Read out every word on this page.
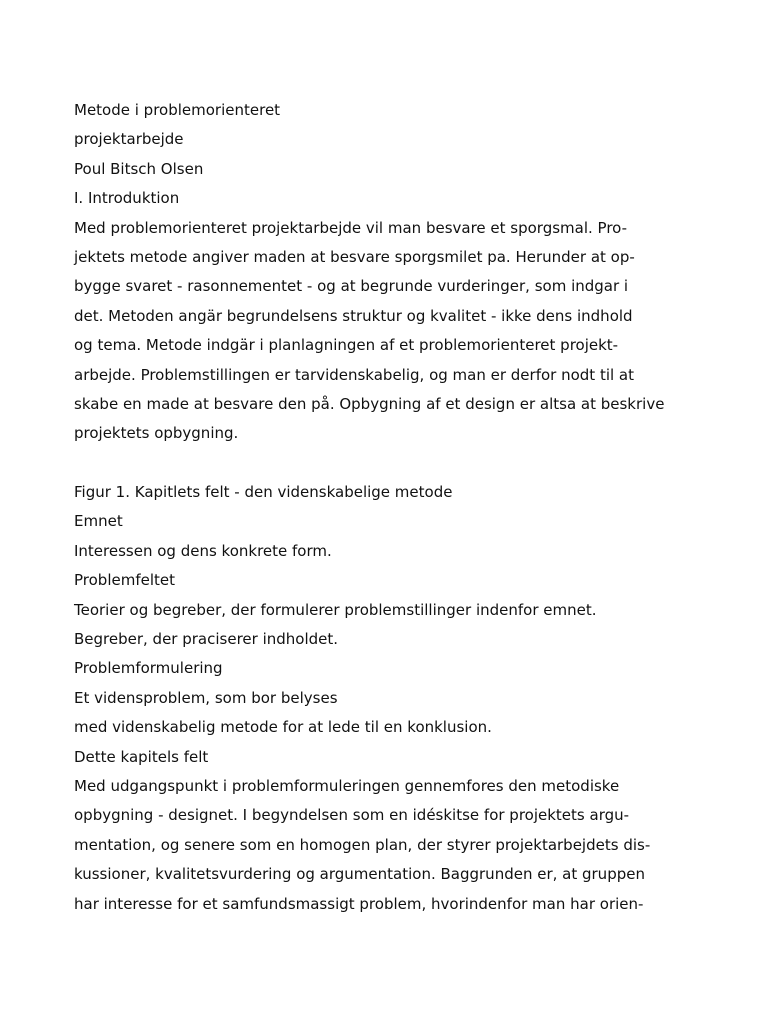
Metode i problemorienteret
projektarbejde
Poul Bitsch Olsen
I. Introduktion
Med problemorienteret projektarbejde vil man besvare et sporgsmal. Pro-
jektets metode angiver maden at besvare sporgsmilet pa. Herunder at op-
bygge svaret - rasonnementet - og at begrunde vurderinger, som indgar i
det. Metoden angär begrundelsens struktur og kvalitet - ikke dens indhold
og tema. Metode indgär i planlagningen af et problemorienteret projekt-
arbejde. Problemstillingen er tarvidenskabelig, og man er derfor nodt til at
skabe en made at besvare den på. Opbygning af et design er altsa at beskrive
projektets opbygning.
Figur 1. Kapitlets felt - den videnskabelige metode
Emnet
Interessen og dens konkrete form.
Problemfeltet
Teorier og begreber, der formulerer problemstillinger indenfor emnet.
Begreber, der praciserer indholdet.
Problemformulering
Et vidensproblem, som bor belyses
med videnskabelig metode for at lede til en konklusion.
Dette kapitels felt
Med udgangspunkt i problemformuleringen gennemfores den metodiske
opbygning - designet. I begyndelsen som en idéskitse for projektets argu-
mentation, og senere som en homogen plan, der styrer projektarbejdets dis-
kussioner, kvalitetsvurdering og argumentation. Baggrunden er, at gruppen
har interesse for et samfundsmassigt problem, hvorindenfor man har orien-
